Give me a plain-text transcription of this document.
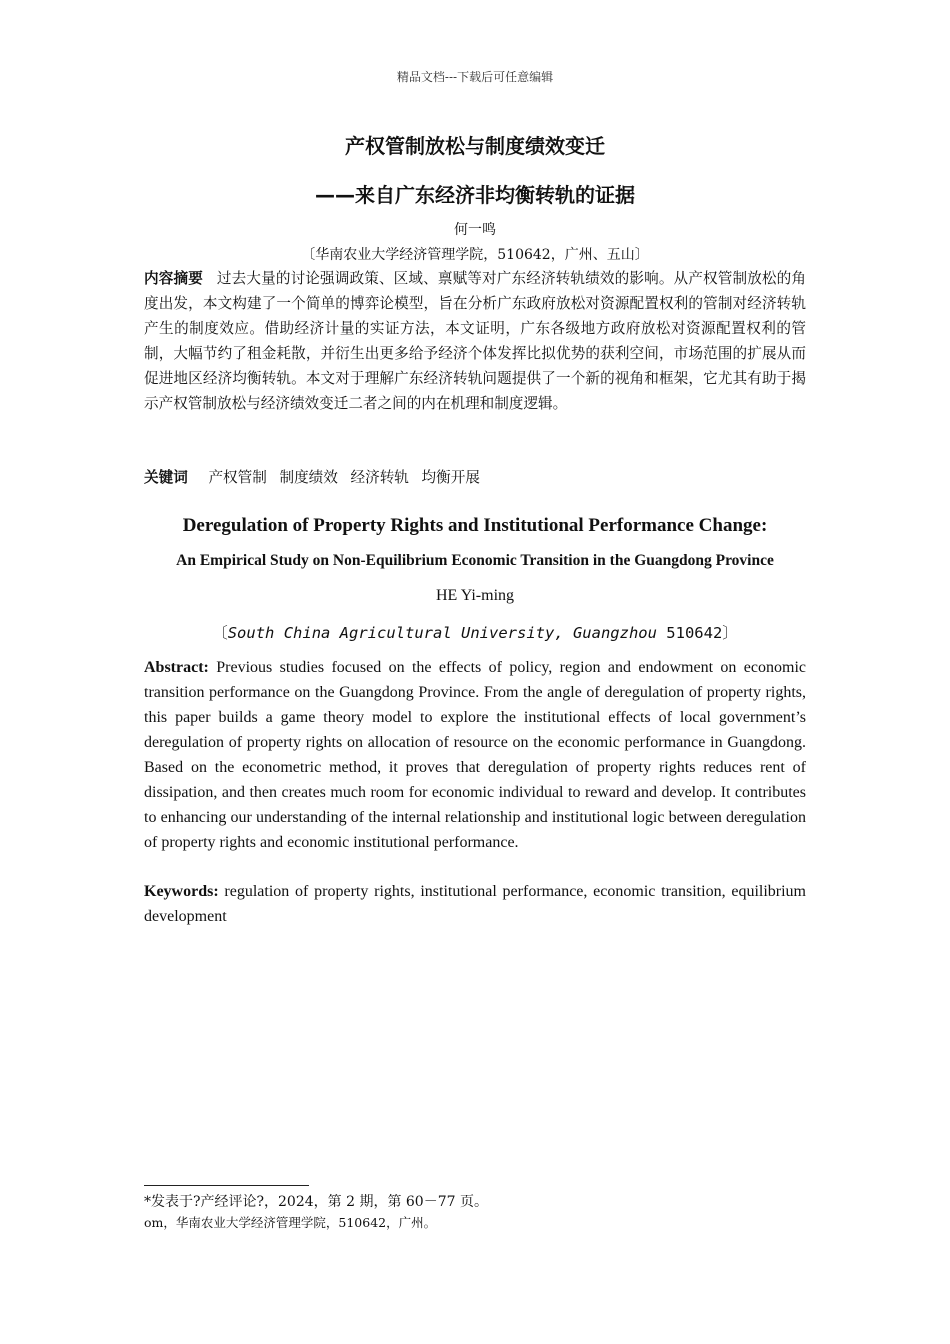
精品文档---下载后可任意编辑
产权管制放松与制度绩效变迁
——来自广东经济非均衡转轨的证据
何一鸣
〔华南农业大学经济管理学院，510642，广州、五山〕
内容摘要 过去大量的讨论强调政策、区域、禀赋等对广东经济转轨绩效的影响。从产权管制放松的角度出发，本文构建了一个简单的博弈论模型，旨在分析广东政府放松对资源配置权利的管制对经济转轨产生的制度效应。借助经济计量的实证方法，本文证明，广东各级地方政府放松对资源配置权利的管制，大幅节约了租金耗散，并衍生出更多给予经济个体发挥比拟优势的获利空间，市场范围的扩展从而促进地区经济均衡转轨。本文对于理解广东经济转轨问题提供了一个新的视角和框架，它尤其有助于揭示产权管制放松与经济绩效变迁二者之间的内在机理和制度逻辑。
关键词 产权管制 制度绩效 经济转轨 均衡开展
Deregulation of Property Rights and Institutional Performance Change:
An Empirical Study on Non-Equilibrium Economic Transition in the Guangdong Province
HE Yi-ming
〔South China Agricultural University, Guangzhou 510642〕
Abstract: Previous studies focused on the effects of policy, region and endowment on economic transition performance on the Guangdong Province. From the angle of deregulation of property rights, this paper builds a game theory model to explore the institutional effects of local government’s deregulation of property rights on allocation of resource on the economic performance in Guangdong. Based on the econometric method, it proves that deregulation of property rights reduces rent of dissipation, and then creates much room for economic individual to reward and develop. It contributes to enhancing our understanding of the internal relationship and institutional logic between deregulation of property rights and economic institutional performance.
Keywords: regulation of property rights, institutional performance, economic transition, equilibrium development
*发表于?产经评论?，2024，第 2 期，第 60－77 页。
om，华南农业大学经济管理学院，510642，广州。
